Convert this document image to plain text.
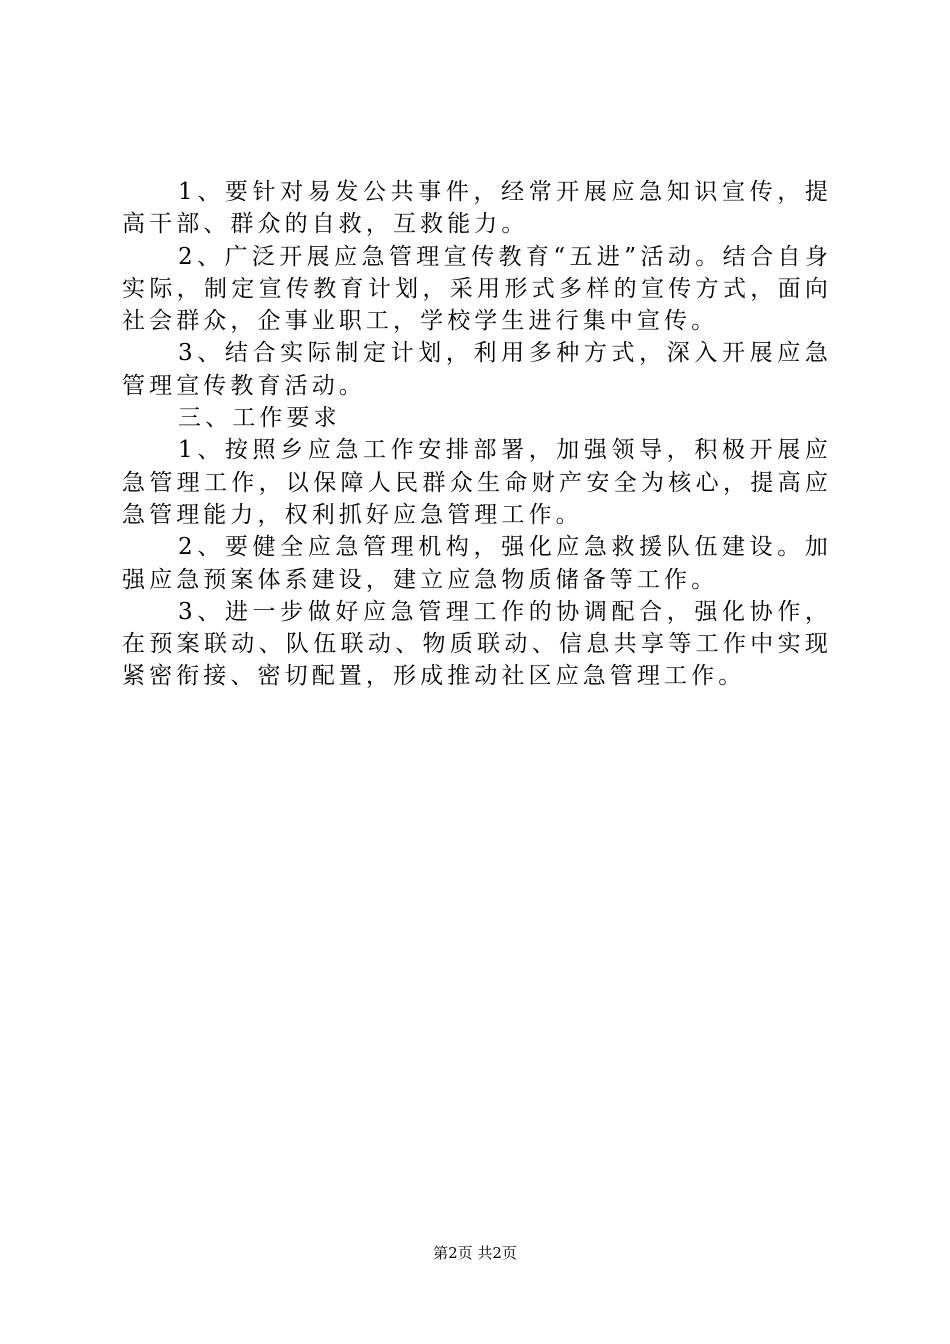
1、要针对易发公共事件，经常开展应急知识宣传，提高干部、群众的自救，互救能力。

2、广泛开展应急管理宣传教育“五进”活动。结合自身实际，制定宣传教育计划，采用形式多样的宣传方式，面向社会群众，企事业职工，学校学生进行集中宣传。

3、结合实际制定计划，利用多种方式，深入开展应急管理宣传教育活动。

三、工作要求

1、按照乡应急工作安排部署，加强领导，积极开展应急管理工作，以保障人民群众生命财产安全为核心，提高应急管理能力，权利抓好应急管理工作。

2、要健全应急管理机构，强化应急救援队伍建设。加强应急预案体系建设，建立应急物质储备等工作。

3、进一步做好应急管理工作的协调配合，强化协作，在预案联动、队伍联动、物质联动、信息共享等工作中实现紧密衔接、密切配置，形成推动社区应急管理工作。

第2页 共2页
